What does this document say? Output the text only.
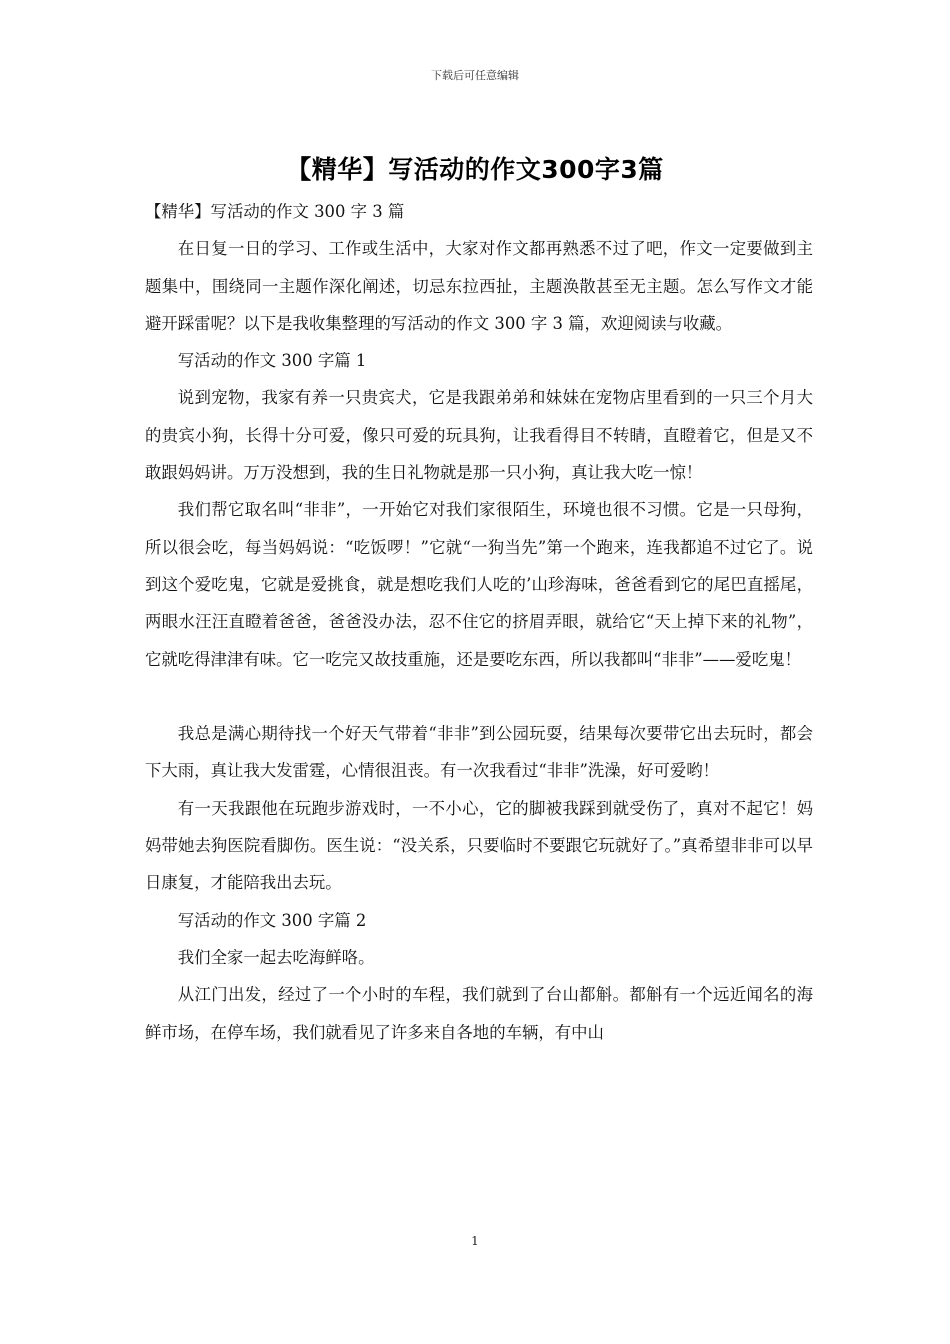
下载后可任意编辑
【精华】写活动的作文300字3篇

【精华】写活动的作文 300 字 3 篇

在日复一日的学习、工作或生活中，大家对作文都再熟悉不过了吧，作文一定要做到主题集中，围绕同一主题作深化阐述，切忌东拉西扯，主题涣散甚至无主题。怎么写作文才能避开踩雷呢？以下是我收集整理的写活动的作文 300 字 3 篇，欢迎阅读与收藏。

写活动的作文 300 字篇 1

说到宠物，我家有养一只贵宾犬，它是我跟弟弟和妹妹在宠物店里看到的一只三个月大的贵宾小狗，长得十分可爱，像只可爱的玩具狗，让我看得目不转睛，直瞪着它，但是又不敢跟妈妈讲。万万没想到，我的生日礼物就是那一只小狗，真让我大吃一惊！

我们帮它取名叫“非非”，一开始它对我们家很陌生，环境也很不习惯。它是一只母狗，所以很会吃，每当妈妈说：“吃饭啰！”它就“一狗当先”第一个跑来，连我都追不过它了。说到这个爱吃鬼，它就是爱挑食，就是想吃我们人吃的’山珍海味，爸爸看到它的尾巴直摇尾，两眼水汪汪直瞪着爸爸，爸爸没办法，忍不住它的挤眉弄眼，就给它“天上掉下来的礼物”，它就吃得津津有味。它一吃完又故技重施，还是要吃东西，所以我都叫“非非”——爱吃鬼！

我总是满心期待找一个好天气带着“非非”到公园玩耍，结果每次要带它出去玩时，都会下大雨，真让我大发雷霆，心情很沮丧。有一次我看过“非非”洗澡，好可爱哟！

有一天我跟他在玩跑步游戏时，一不小心，它的脚被我踩到就受伤了，真对不起它！妈妈带她去狗医院看脚伤。医生说：“没关系，只要临时不要跟它玩就好了。”真希望非非可以早日康复，才能陪我出去玩。

写活动的作文 300 字篇 2

我们全家一起去吃海鲜咯。

从江门出发，经过了一个小时的车程，我们就到了台山都斛。都斛有一个远近闻名的海鲜市场，在停车场，我们就看见了许多来自各地的车辆，有中山

1
